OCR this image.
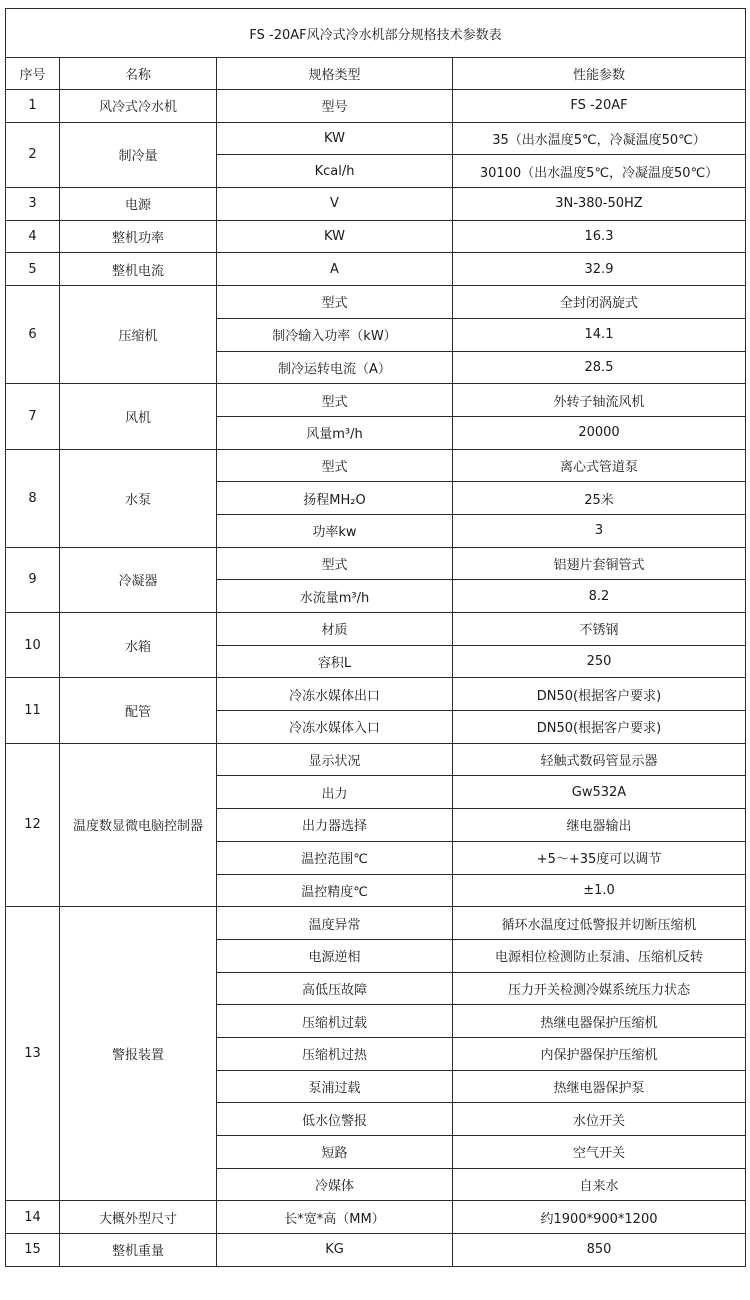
FS -20AF风冷式冷水机部分规格技术参数表			
序号	名称	规格类型	性能参数
1	风冷式冷水机	型号	FS -20AF
2	制冷量	KW	35（出水温度5℃，冷凝温度50℃）
		Kcal/h	30100（出水温度5℃，冷凝温度50℃）
3	电源	V	3N-380-50HZ
4	整机功率	KW	16.3
5	整机电流	A	32.9
6	压缩机	型式	全封闭涡旋式
		制冷输入功率（kW）	14.1
		制冷运转电流（A）	28.5
7	风机	型式	外转子轴流风机
		风量m³/h	20000
8	水泵	型式	离心式管道泵
		扬程MH₂O	25米
		功率kw	3
9	冷凝器	型式	铝翅片套铜管式
		水流量m³/h	8.2
10	水箱	材质	不锈钢
		容积L	250
11	配管	冷冻水媒体出口	DN50(根据客户要求)
		冷冻水媒体入口	DN50(根据客户要求)
12	温度数显微电脑控制器	显示状况	轻触式数码管显示器
		出力	Gw532A
		出力器选择	继电器输出
		温控范围℃	+5～+35度可以调节
		温控精度℃	±1.0
13	警报装置	温度异常	循环水温度过低警报并切断压缩机
		电源逆相	电源相位检测防止泵浦、压缩机反转
		高低压故障	压力开关检测冷媒系统压力状态
		压缩机过载	热继电器保护压缩机
		压缩机过热	内保护器保护压缩机
		泵浦过载	热继电器保护泵
		低水位警报	水位开关
		短路	空气开关
		冷媒体	自来水
14	大概外型尺寸	长*宽*高（MM）	约1900*900*1200
15	整机重量	KG	850
